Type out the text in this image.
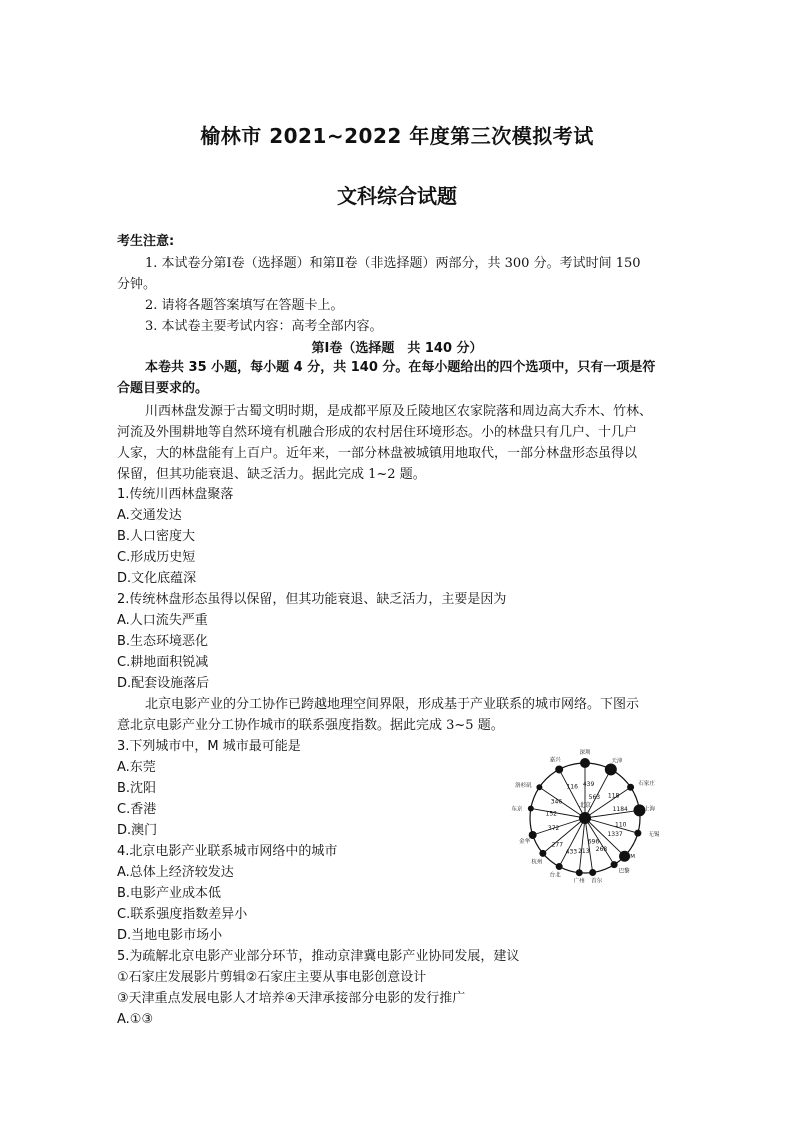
榆林市 2021~2022 年度第三次模拟考试
文科综合试题
考生注意:
1. 本试卷分第Ⅰ卷（选择题）和第Ⅱ卷（非选择题）两部分，共 300 分。考试时间 150
分钟。
2. 请将各题答案填写在答题卡上。
3. 本试卷主要考试内容：高考全部内容。
第Ⅰ卷（选择题　共 140 分）
本卷共 35 小题，每小题 4 分，共 140 分。在每小题给出的四个选项中，只有一项是符
合题目要求的。
川西林盘发源于古蜀文明时期，是成都平原及丘陵地区农家院落和周边高大乔木、竹林、
河流及外围耕地等自然环境有机融合形成的农村居住环境形态。小的林盘只有几户、十几户
人家，大的林盘能有上百户。近年来，一部分林盘被城镇用地取代，一部分林盘形态虽得以
保留，但其功能衰退、缺乏活力。据此完成 1~2 题。
1.传统川西林盘聚落
A.交通发达
B.人口密度大
C.形成历史短
D.文化底蕴深
2.传统林盘形态虽得以保留，但其功能衰退、缺乏活力，主要是因为
A.人口流失严重
B.生态环境恶化
C.耕地面积锐减
D.配套设施落后
北京电影产业的分工协作已跨越地理空间界限，形成基于产业联系的城市网络。下图示
意北京电影产业分工协作城市的联系强度指数。据此完成 3~5 题。
3.下列城市中，M 城市最可能是
A.东莞
B.沈阳
C.香港
D.澳门
4.北京电影产业联系城市网络中的城市
A.总体上经济较发达
B.电影产业成本低
C.联系强度指数差异小
D.当地电影市场小
5.为疏解北京电影产业部分环节，推动京津冀电影产业协同发展，建议
①石家庄发展影片剪辑②石家庄主要从事电影创意设计
③天津重点发展电影人才培养④天津承接部分电影的发行推广
A.①③
嘉兴
深圳
天津
石家庄
上海
无锡
M
巴黎
首尔
广州
台北
杭州
金华
东京
洛杉矶	116 439
563 118
1184
110
1337
268
696
213
433
277
372
152
346	北京
